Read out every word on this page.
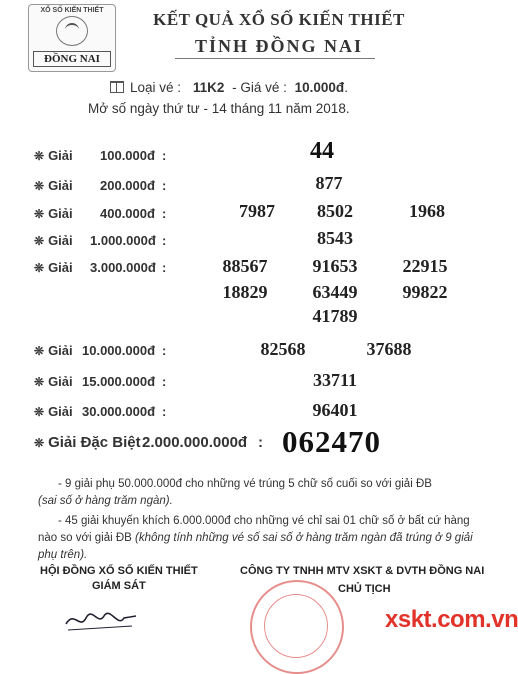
XỔ SỐ KIẾN THIẾT
ĐỒNG NAI
KẾT QUẢ XỔ SỐ KIẾN THIẾT
TỈNH ĐỒNG NAI
Loại vé : 11K2 - Giá vé : 10.000đ.
Mở số ngày thứ tư - 14 tháng 11 năm 2018.
❊ Giải 100.000đ :	44
❊ Giải 200.000đ :	877
❊ Giải 400.000đ :	7987	8502	1968
❊ Giải 1.000.000đ :	8543
❊ Giải 3.000.000đ :	88567	91653	22915
18829	63449	99822
41789
❊ Giải 10.000.000đ :	82568	37688
❊ Giải 15.000.000đ :	33711
❊ Giải 30.000.000đ :	96401
❊ Giải Đặc Biệt 2.000.000.000đ : 062470
- 9 giải phụ 50.000.000đ cho những vé trúng 5 chữ số cuối so với giải ĐB
(sai số ở hàng trăm ngàn).
- 45 giải khuyến khích 6.000.000đ cho những vé chỉ sai 01 chữ số ở bất cứ hàng nào so với giải ĐB (không tính những vé số sai số ở hàng trăm ngàn đã trúng ở 9 giải phụ trên).
HỘI ĐỒNG XỔ SỐ KIẾN THIẾT
GIÁM SÁT
CÔNG TY TNHH MTV XSKT & DVTH ĐỒNG NAI
CHỦ TỊCH
xskt.com.vn
